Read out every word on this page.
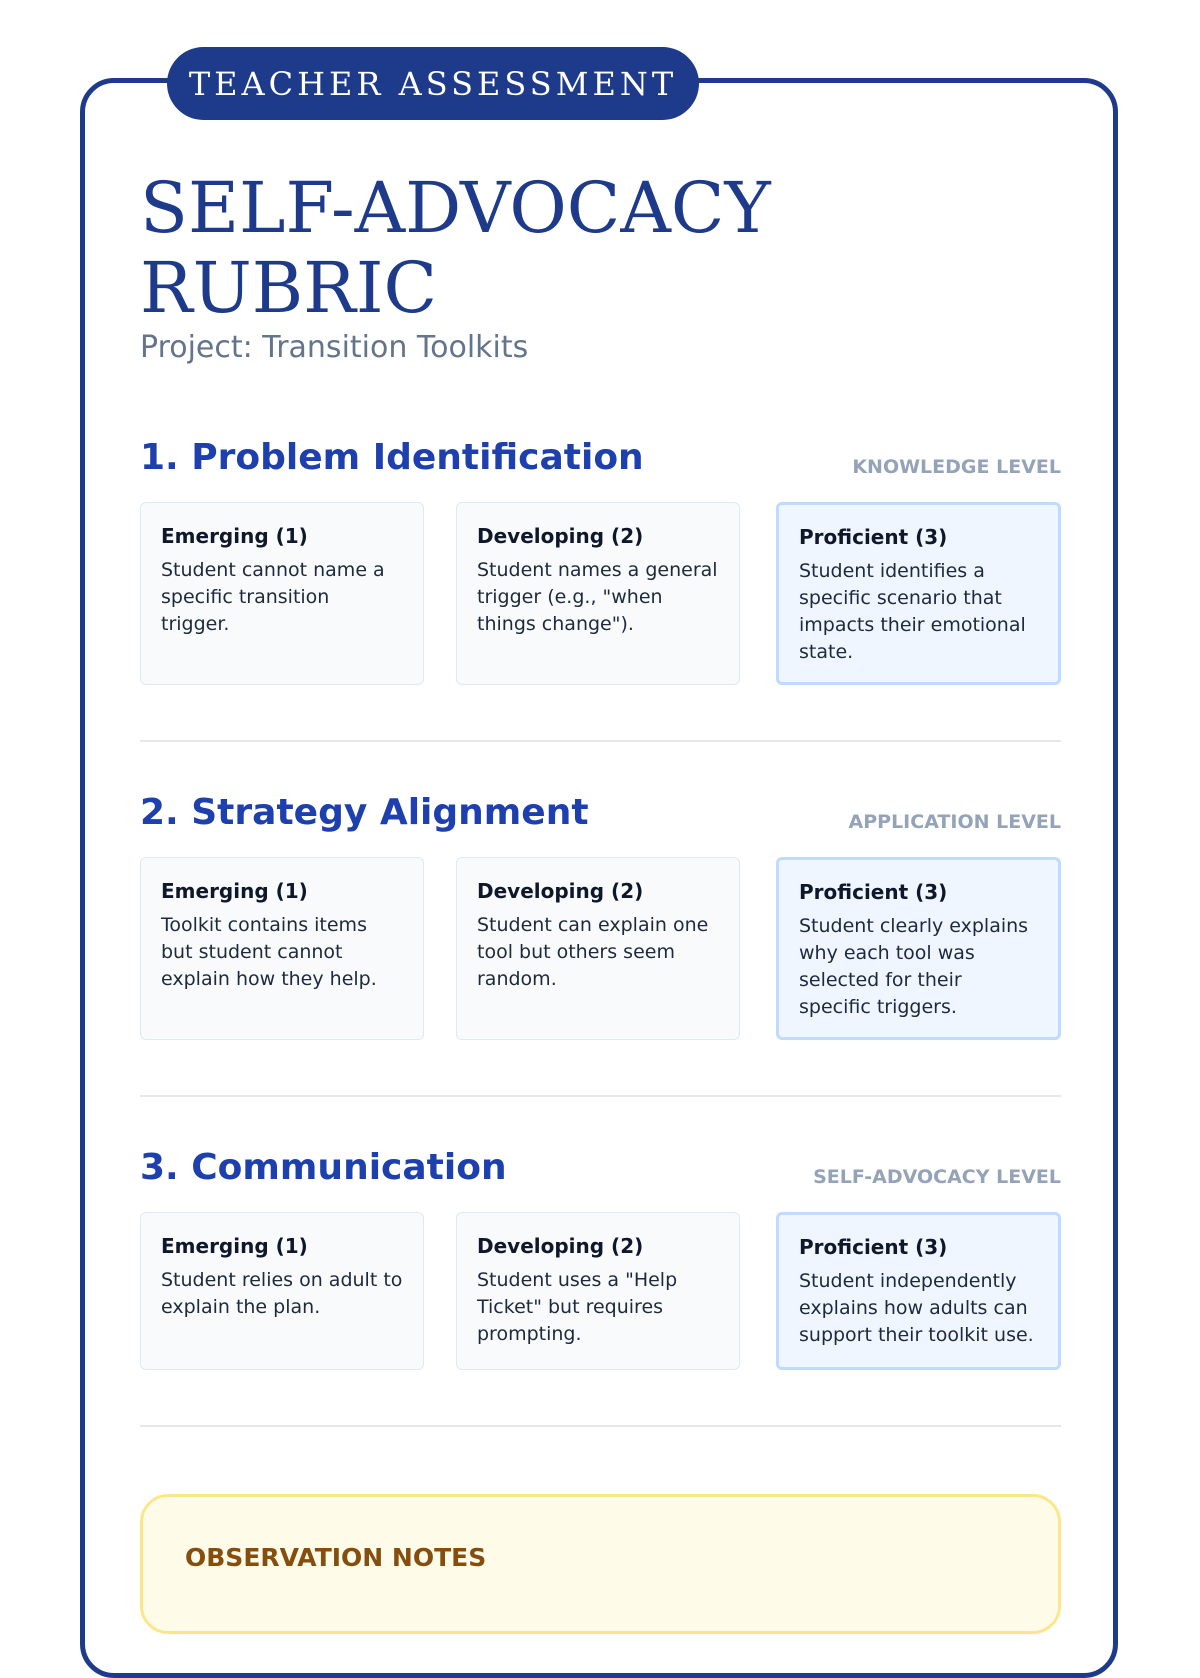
TEACHER ASSESSMENT
SELF-ADVOCACY RUBRIC

Project: Transition Toolkits

1. Problem Identification	KNOWLEDGE LEVEL
Emerging (1)

Student cannot name a specific transition trigger.

Developing (2)

Student names a general trigger (e.g., "when things change").

Proficient (3)

Student identifies a specific scenario that impacts their emotional state.

2. Strategy Alignment	APPLICATION LEVEL
Emerging (1)

Toolkit contains items but student cannot explain how they help.

Developing (2)

Student can explain one tool but others seem random.

Proficient (3)

Student clearly explains why each tool was selected for their specific triggers.

3. Communication	SELF-ADVOCACY LEVEL
Emerging (1)

Student relies on adult to explain the plan.

Developing (2)

Student uses a "Help Ticket" but requires prompting.

Proficient (3)

Student independently explains how adults can support their toolkit use.

OBSERVATION NOTES
